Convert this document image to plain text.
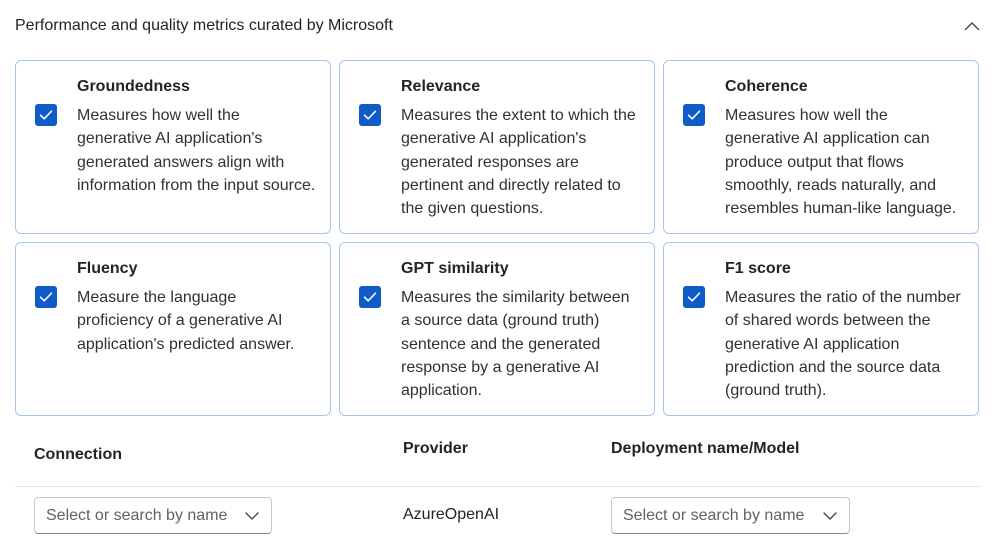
Performance and quality metrics curated by Microsoft
Groundedness
Measures how well the generative AI application's generated answers align with information from the input source.
Relevance
Measures the extent to which the generative AI application's generated responses are pertinent and directly related to the given questions.
Coherence
Measures how well the generative AI application can produce output that flows smoothly, reads naturally, and resembles human-like language.
Fluency
Measure the language proficiency of a generative AI application's predicted answer.
GPT similarity
Measures the similarity between a source data (ground truth) sentence and the generated response by a generative AI application.
F1 score
Measures the ratio of the number of shared words between the generative AI application prediction and the source data (ground truth).
Connection	Provider	Deployment name/Model
Select or search by name	AzureOpenAI	Select or search by name
